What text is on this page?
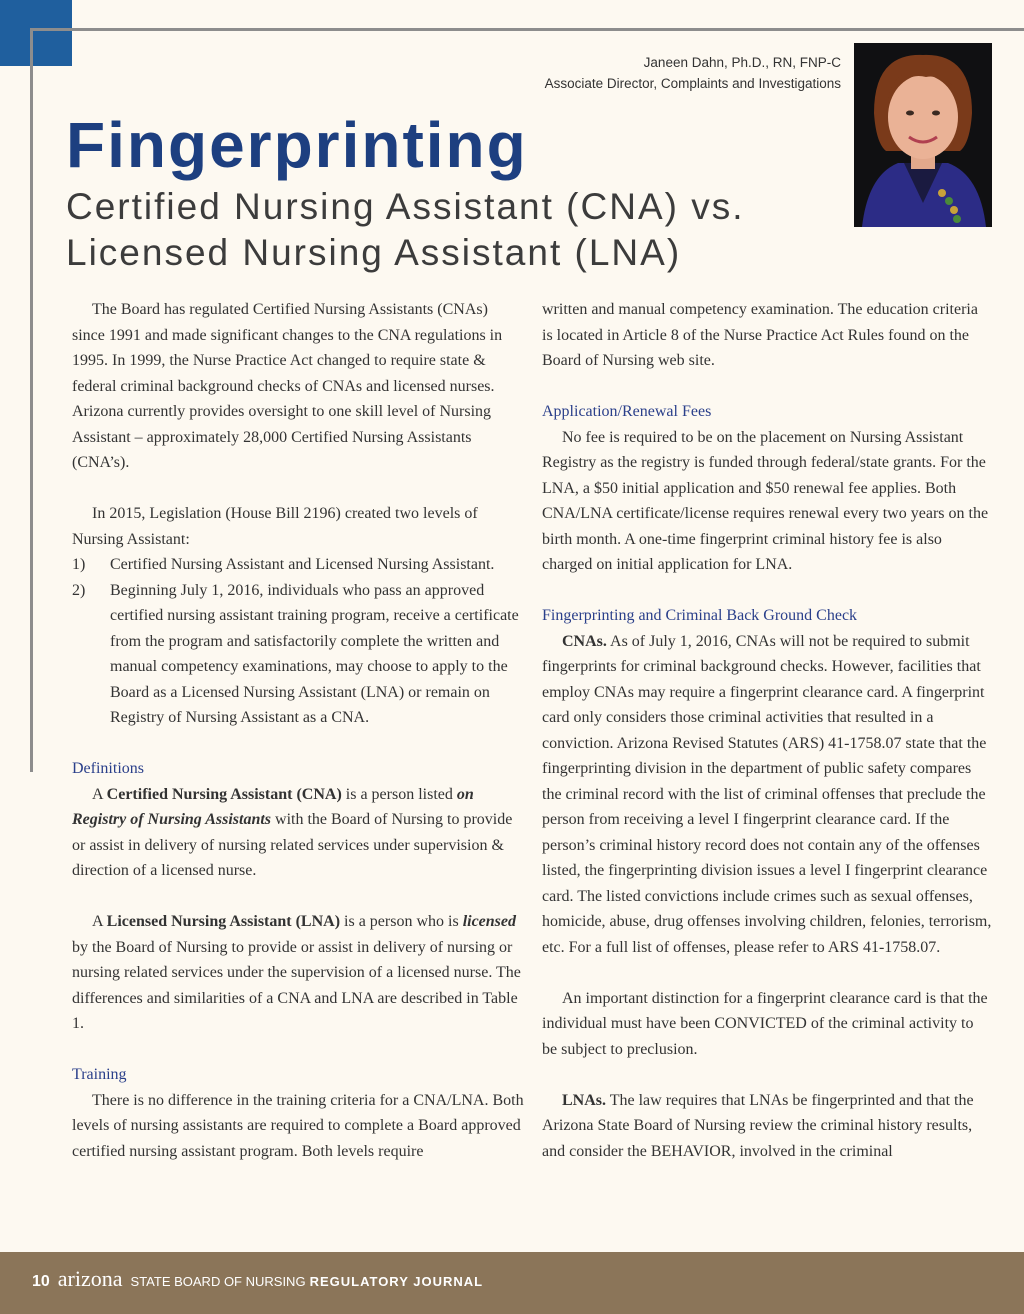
Janeen Dahn, Ph.D., RN, FNP-C
Associate Director, Complaints and Investigations
Fingerprinting
Certified Nursing Assistant (CNA) vs.
Licensed Nursing Assistant (LNA)

The Board has regulated Certified Nursing Assistants (CNAs) since 1991 and made significant changes to the CNA regulations in 1995. In 1999, the Nurse Practice Act changed to require state & federal criminal background checks of CNAs and licensed nurses. Arizona currently provides oversight to one skill level of Nursing Assistant – approximately 28,000 Certified Nursing Assistants (CNA’s).

In 2015, Legislation (House Bill 2196) created two levels of Nursing Assistant:

1)	Certified Nursing Assistant and Licensed Nursing Assistant.
2)	Beginning July 1, 2016, individuals who pass an approved certified nursing assistant training program, receive a certificate from the program and satisfactorily complete the written and manual competency examinations, may choose to apply to the Board as a Licensed Nursing Assistant (LNA) or remain on Registry of Nursing Assistant as a CNA.

Definitions

A Certified Nursing Assistant (CNA) is a person listed on Registry of Nursing Assistants with the Board of Nursing to provide or assist in delivery of nursing related services under supervision & direction of a licensed nurse.

A Licensed Nursing Assistant (LNA) is a person who is licensed by the Board of Nursing to provide or assist in delivery of nursing or nursing related services under the supervision of a licensed nurse. The differences and similarities of a CNA and LNA are described in Table 1.

Training

There is no difference in the training criteria for a CNA/LNA. Both levels of nursing assistants are required to complete a Board approved certified nursing assistant program. Both levels require

written and manual competency examination. The education criteria is located in Article 8 of the Nurse Practice Act Rules found on the Board of Nursing web site.

Application/Renewal Fees

No fee is required to be on the placement on Nursing Assistant Registry as the registry is funded through federal/state grants. For the LNA, a $50 initial application and $50 renewal fee applies. Both CNA/LNA certificate/license requires renewal every two years on the birth month. A one-time fingerprint criminal history fee is also charged on initial application for LNA.

Fingerprinting and Criminal Back Ground Check

CNAs. As of July 1, 2016, CNAs will not be required to submit fingerprints for criminal background checks. However, facilities that employ CNAs may require a fingerprint clearance card. A fingerprint card only considers those criminal activities that resulted in a conviction. Arizona Revised Statutes (ARS) 41-1758.07 state that the fingerprinting division in the department of public safety compares the criminal record with the list of criminal offenses that preclude the person from receiving a level I fingerprint clearance card. If the person’s criminal history record does not contain any of the offenses listed, the fingerprinting division issues a level I fingerprint clearance card. The listed convictions include crimes such as sexual offenses, homicide, abuse, drug offenses involving children, felonies, terrorism, etc. For a full list of offenses, please refer to ARS 41-1758.07.

An important distinction for a fingerprint clearance card is that the individual must have been CONVICTED of the criminal activity to be subject to preclusion.

LNAs. The law requires that LNAs be fingerprinted and that the Arizona State Board of Nursing review the criminal history results, and consider the BEHAVIOR, involved in the criminal

10 arizona STATE BOARD OF NURSING REGULATORY JOURNAL
